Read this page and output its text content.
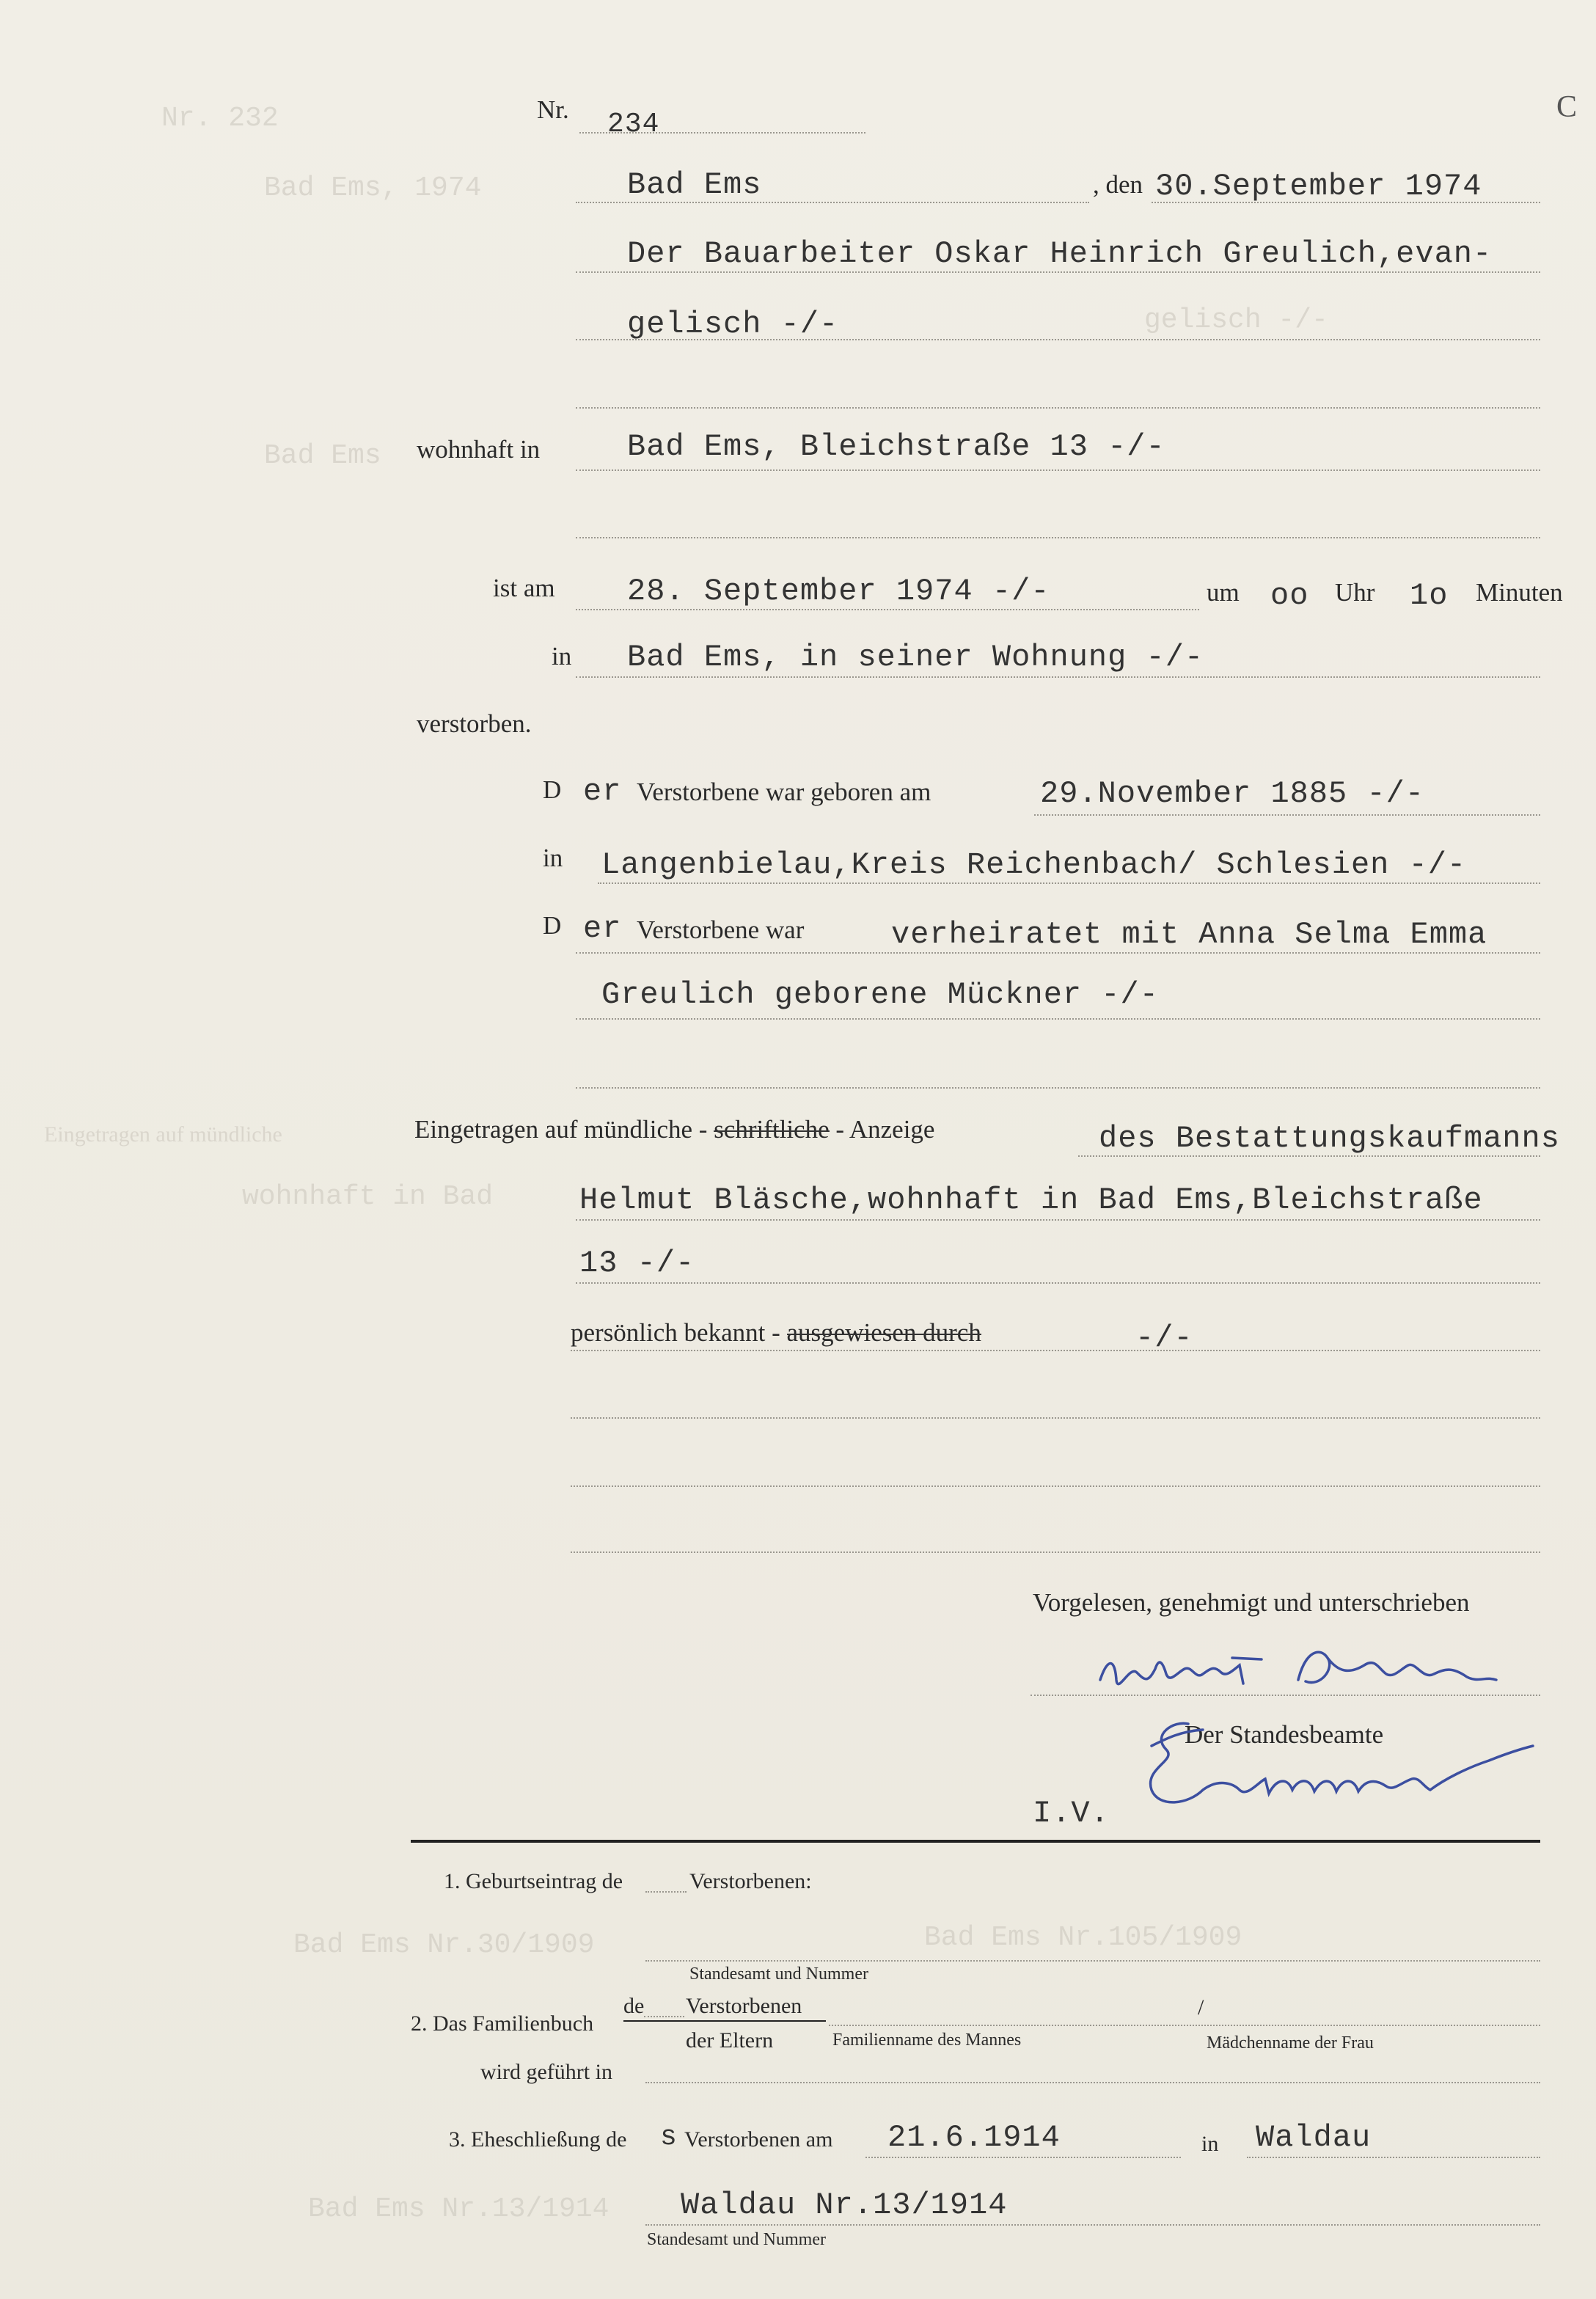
Nr. 232
Bad Ems, 1974
gelisch -/-
Bad Ems
wohnhaft in Bad
Bad Ems Nr.30/1909	Bad Ems Nr.105/1909
Bad Ems Nr.13/1914
Eingetragen auf mündliche
Nr. 234
C
Bad Ems	, den 30.September 1974
Der Bauarbeiter Oskar Heinrich Greulich,evan-
gelisch -/-
wohnhaft in	Bad Ems, Bleichstraße 13 -/-
ist am 28. September 1974 -/-	um oo Uhr 1o Minuten
in Bad Ems, in seiner Wohnung -/-
verstorben.
D er Verstorbene war geboren am	29.November 1885 -/-
in Langenbielau,Kreis Reichenbach/ Schlesien -/-
D er Verstorbene war	verheiratet mit Anna Selma Emma
Greulich geborene Mückner -/-
Eingetragen auf mündliche - schriftliche - Anzeige	des Bestattungskaufmanns
Helmut Bläsche,wohnhaft in Bad Ems,Bleichstraße
13 -/-
persönlich bekannt - ausgewiesen durch	-/-
Vorgelesen, genehmigt und unterschrieben
Der Standesbeamte
I.V.
1. Geburtseintrag de	Verstorbenen:
Standesamt und Nummer
2. Das Familienbuch
de Verstorbenen
der Eltern
/
Familienname des Mannes	Mädchenname der Frau
wird geführt in
3. Eheschließung de s Verstorbenen am 21.6.1914	in Waldau
Waldau Nr.13/1914
Standesamt und Nummer
